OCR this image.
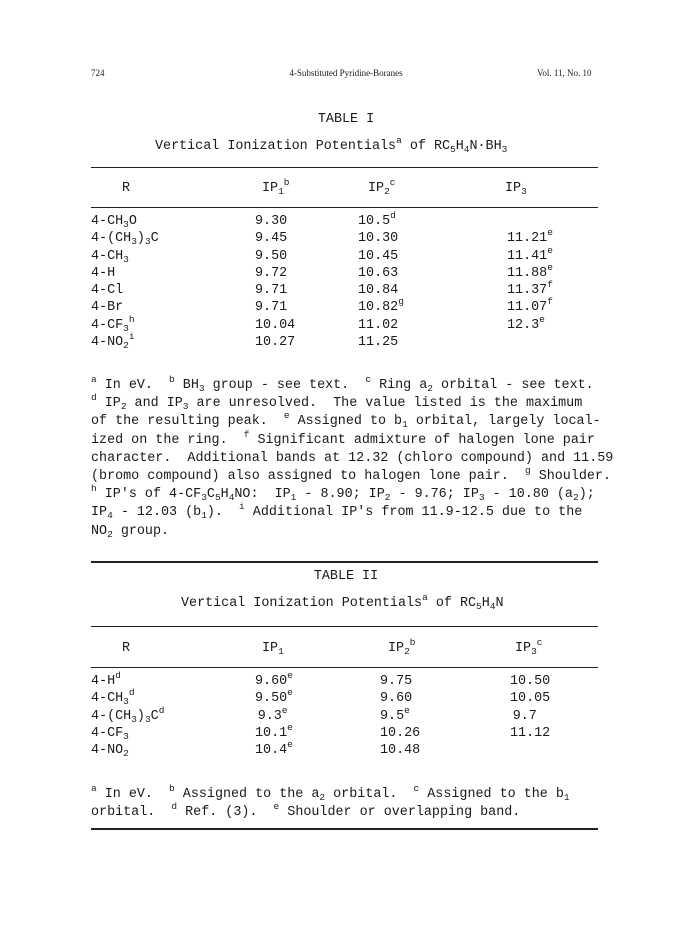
724	4-Substituted Pyridine-Boranes	Vol. 11, No. 10
TABLE I
Vertical Ionization Potentials$^a$ of $RC_5H_4N\cdot BH_3$
R	$IP_1^b$	$IP_2^c$	$IP_3$
$4-CH_3O$	9.30	10.5$^d$	
$4-(CH_3)_3C$	9.45	10.30	11.21e
$4-CH_3$	9.50	10.45	11.41e
4-H	9.72	10.63	11.88e
4-Cl	9.71	10.84	11.37$^f$
4-Br	9.71	10.82$^g$	11.07$^f$
$4-CF_3^h$	10.04	11.02	12.3e
$4-NO_2^i$	10.27	11.25	
$^a$ In eV. $^b$ $BH_3$ group - see text. $^c$ Ring $a_2$ orbital - see text.
$^d$ $IP_2$ and $IP_3$ are unresolved.  The value listed is the maximum
of the resulting peak. $^e$ Assigned to $b_1$ orbital, largely local-
ized on the ring. $^f$ Significant admixture of halogen lone pair
character.  Additional bands at 12.32 (chloro compound) and 11.59
(bromo compound) also assigned to halogen lone pair. $^g$ Shoulder.
$^h$ IP's of $4-CF_3C_5H_4NO$:  $IP_1 - 8.90$; $IP_2 - 9.76$; $IP_3 - 10.80$ $(a_2)$;
$IP_4 - 12.03$ $(b_1)$. $^i$ Additional IP's from 11.9-12.5 due to the
$NO_2$ group.
TABLE II
Vertical Ionization Potentials$^a$ of $RC_5H_4N$
R	$IP_1$	$IP_2^b$	$IP_3^c$
$4-H^d$	9.60e	9.75	10.50
$4-CH_3^d$	9.50e	9.60	10.05
$4-(CH_3)_3C^d$	 9.3e	9.5e	 9.7
$4-CF_3$	10.1e	10.26	11.12
$4-NO_2$	10.4e	10.48	
$^a$ In eV. $^b$ Assigned to the $a_2$ orbital. $^c$ Assigned to the $b_1$
orbital. $^d$ Ref. (3). $^e$ Shoulder or overlapping band.
